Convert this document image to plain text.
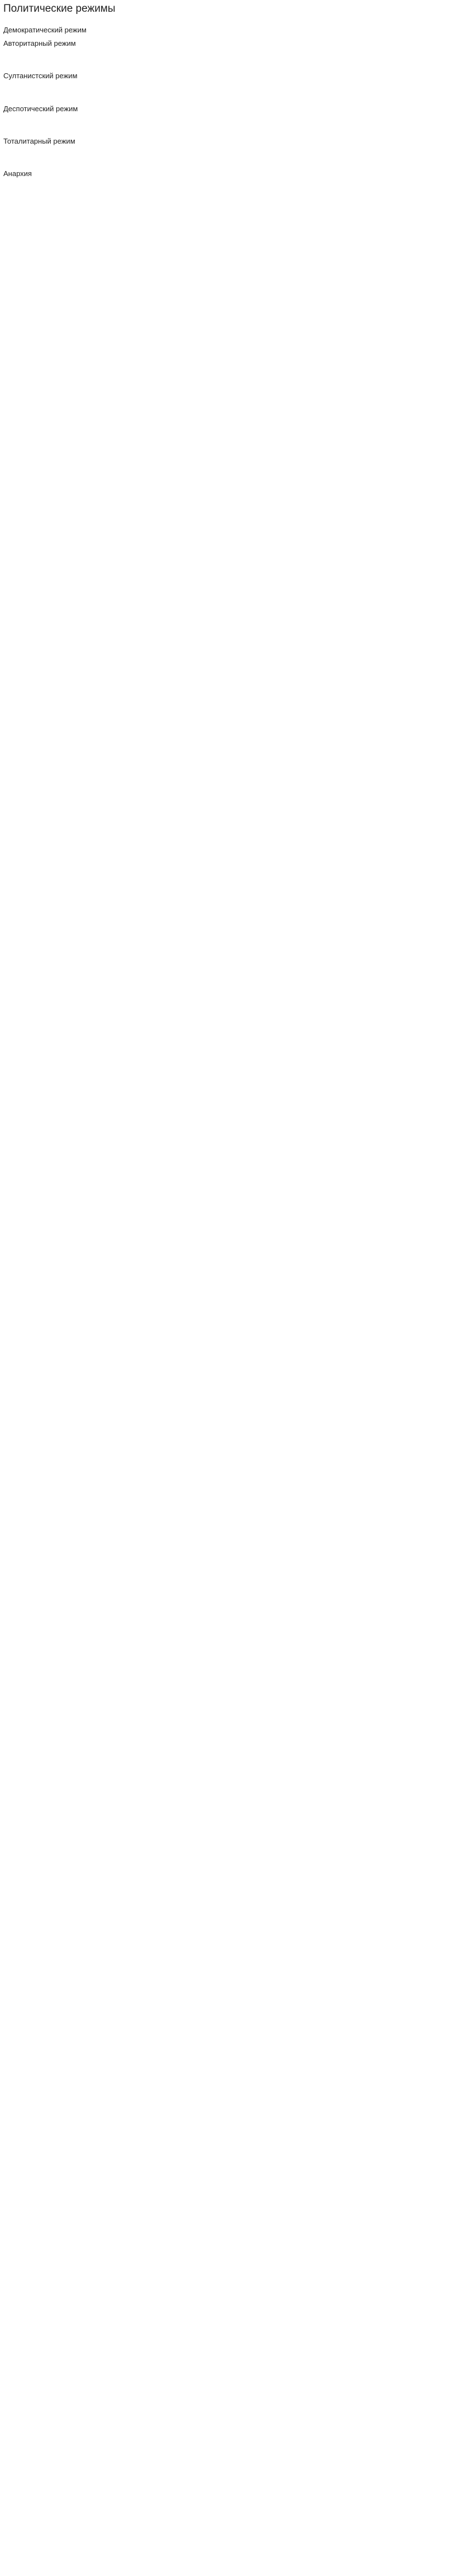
Политические режимы

Демократический режим

Авторитарный режим

Султанистский режим

Деспотический режим

Тоталитарный режим

Анархия
